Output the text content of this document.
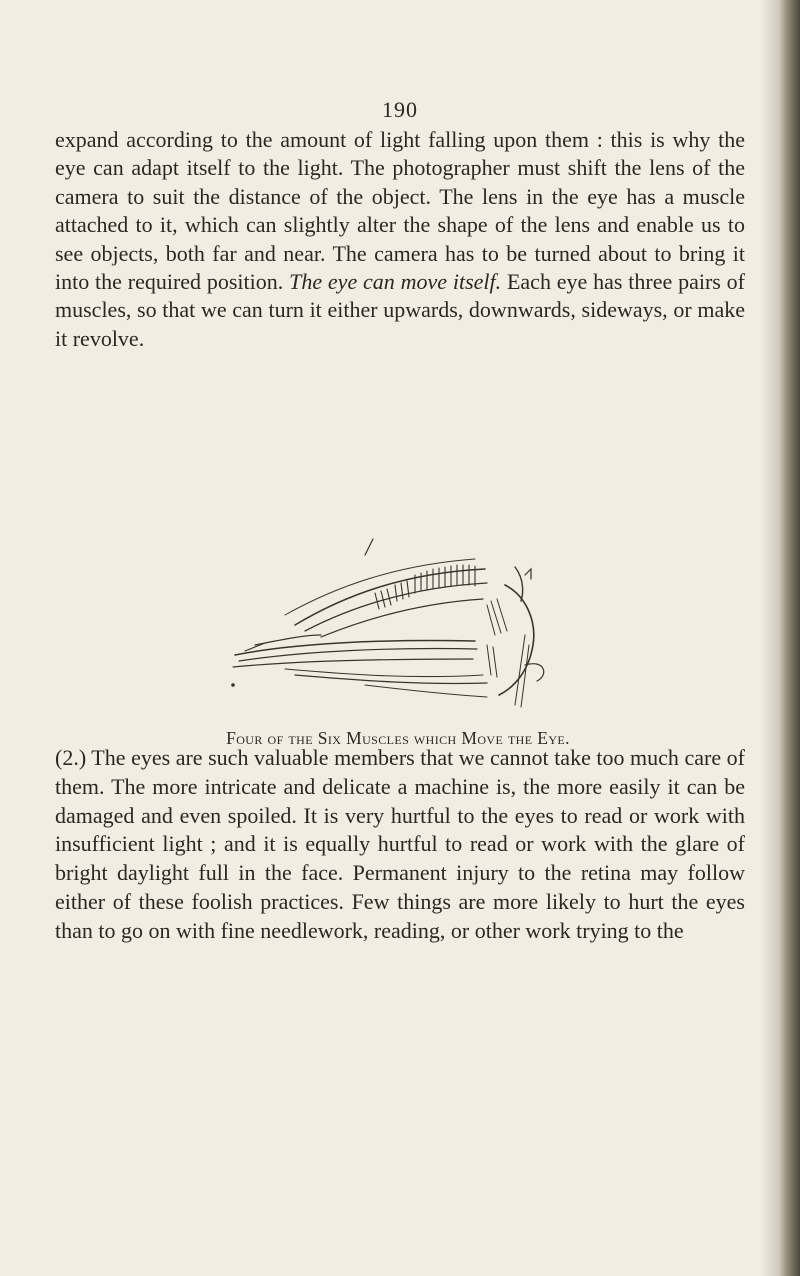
190

expand according to the amount of light falling upon them : this is why the eye can adapt itself to the light. The photographer must shift the lens of the camera to suit the distance of the object. The lens in the eye has a muscle attached to it, which can slightly alter the shape of the lens and enable us to see objects, both far and near. The camera has to be turned about to bring it into the required position. The eye can move itself. Each eye has three pairs of muscles, so that we can turn it either upwards, downwards, sideways, or make it revolve.

Four of the Six Muscles which Move the Eye.

(2.) The eyes are such valuable members that we cannot take too much care of them. The more intricate and delicate a machine is, the more easily it can be damaged and even spoiled. It is very hurtful to the eyes to read or work with insufficient light ; and it is equally hurtful to read or work with the glare of bright daylight full in the face. Permanent injury to the retina may follow either of these foolish practices. Few things are more likely to hurt the eyes than to go on with fine needlework, reading, or other work trying to the
